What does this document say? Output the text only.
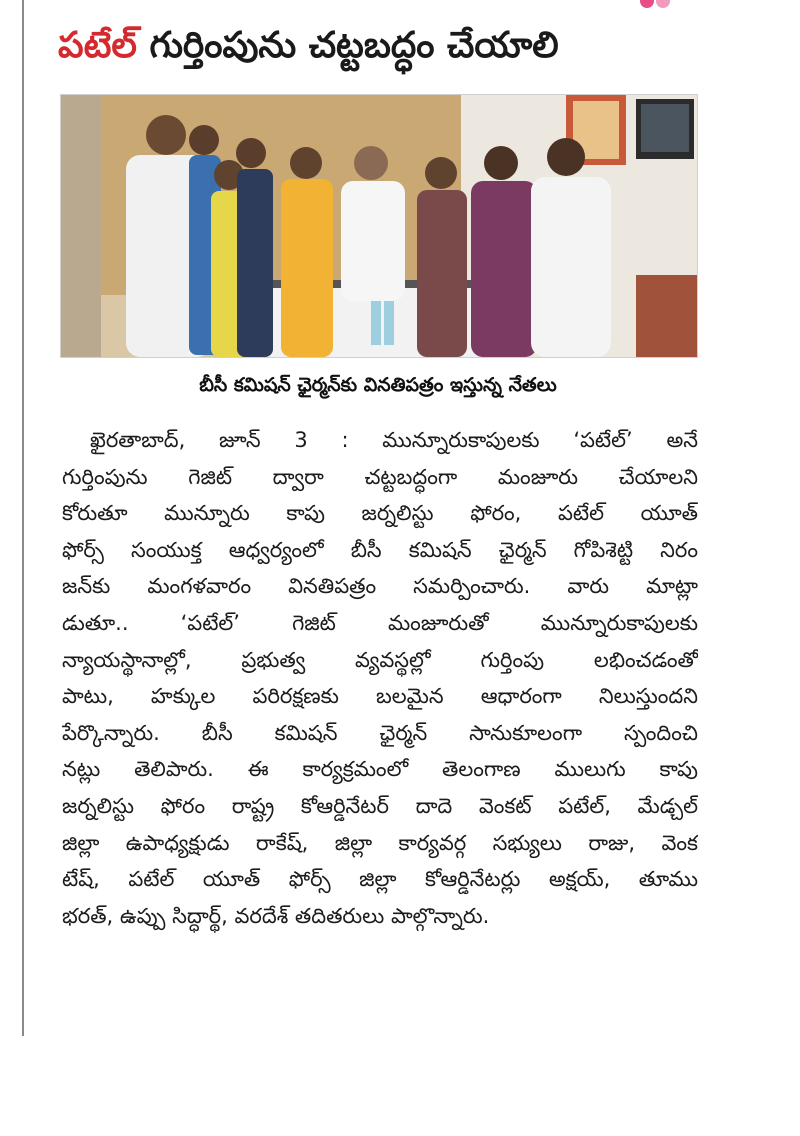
పటేల్ గుర్తింపును చట్టబద్ధం చేయాలి
బీసీ కమిషన్ ఛైర్మన్‌కు వినతిపత్రం ఇస్తున్న నేతలు
ఖైరతాబాద్, జూన్ 3 : మున్నూరుకాపులకు ‘పటేల్’ అనే
గుర్తింపును గెజిట్ ద్వారా చట్టబద్ధంగా మంజూరు చేయాలని
కోరుతూ మున్నూరు కాపు జర్నలిస్టు ఫోరం, పటేల్ యూత్
ఫోర్స్ సంయుక్త ఆధ్వర్యంలో బీసీ కమిషన్ ఛైర్మన్ గోపిశెట్టి నిరం
జన్‌కు మంగళవారం వినతిపత్రం సమర్పించారు. వారు మాట్లా
డుతూ.. ‘పటేల్’ గెజిట్ మంజూరుతో మున్నూరుకాపులకు
న్యాయస్థానాల్లో, ప్రభుత్వ వ్యవస్థల్లో గుర్తింపు లభించడంతో
పాటు, హక్కుల పరిరక్షణకు బలమైన ఆధారంగా నిలుస్తుందని
పేర్కొన్నారు. బీసీ కమిషన్ ఛైర్మన్ సానుకూలంగా స్పందించి
నట్లు తెలిపారు. ఈ కార్యక్రమంలో తెలంగాణ ములుగు కాపు
జర్నలిస్టు ఫోరం రాష్ట్ర కోఆర్డినేటర్ దాదె వెంకట్ పటేల్, మేడ్చల్
జిల్లా ఉపాధ్యక్షుడు రాకేష్, జిల్లా కార్యవర్గ సభ్యులు రాజు, వెంక
టేష్, పటేల్ యూత్ ఫోర్స్ జిల్లా కోఆర్డినేటర్లు అక్షయ్, తూము
భరత్, ఉప్పు సిద్ధార్థ్, వరదేశ్ తదితరులు పాల్గొన్నారు.
